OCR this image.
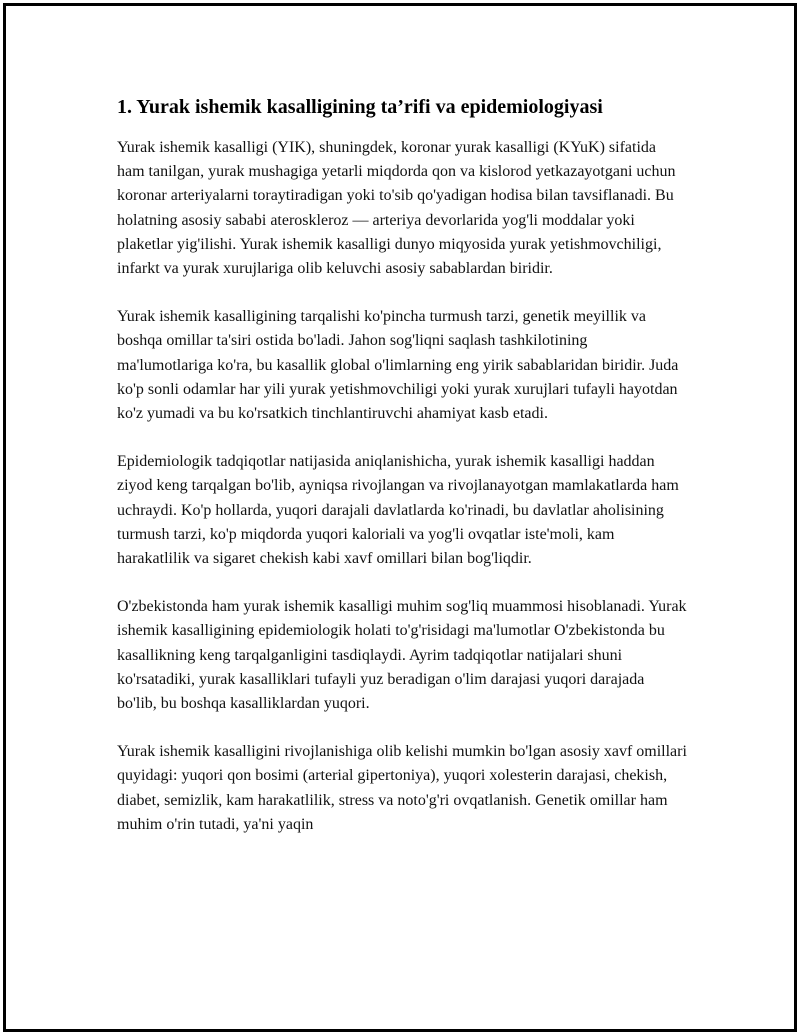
1. Yurak ishemik kasalligining ta’rifi va epidemiologiyasi

Yurak ishemik kasalligi (YIK), shuningdek, koronar yurak kasalligi (KYuK) sifatida ham tanilgan, yurak mushagiga yetarli miqdorda qon va kislorod yetkazayotgani uchun koronar arteriyalarni toraytiradigan yoki to'sib qo'yadigan hodisa bilan tavsiflanadi. Bu holatning asosiy sababi ateroskleroz — arteriya devorlarida yog'li moddalar yoki plaketlar yig'ilishi. Yurak ishemik kasalligi dunyo miqyosida yurak yetishmovchiligi, infarkt va yurak xurujlariga olib keluvchi asosiy sabablardan biridir.

Yurak ishemik kasalligining tarqalishi ko'pincha turmush tarzi, genetik meyillik va boshqa omillar ta'siri ostida bo'ladi. Jahon sog'liqni saqlash tashkilotining ma'lumotlariga ko'ra, bu kasallik global o'limlarning eng yirik sabablaridan biridir. Juda ko'p sonli odamlar har yili yurak yetishmovchiligi yoki yurak xurujlari tufayli hayotdan ko'z yumadi va bu ko'rsatkich tinchlantiruvchi ahamiyat kasb etadi.

Epidemiologik tadqiqotlar natijasida aniqlanishicha, yurak ishemik kasalligi haddan ziyod keng tarqalgan bo'lib, ayniqsa rivojlangan va rivojlanayotgan mamlakatlarda ham uchraydi. Ko'p hollarda, yuqori darajali davlatlarda ko'rinadi, bu davlatlar aholisining turmush tarzi, ko'p miqdorda yuqori kaloriali va yog'li ovqatlar iste'moli, kam harakatlilik va sigaret chekish kabi xavf omillari bilan bog'liqdir.

O'zbekistonda ham yurak ishemik kasalligi muhim sog'liq muammosi hisoblanadi. Yurak ishemik kasalligining epidemiologik holati to'g'risidagi ma'lumotlar O'zbekistonda bu kasallikning keng tarqalganligini tasdiqlaydi. Ayrim tadqiqotlar natijalari shuni ko'rsatadiki, yurak kasalliklari tufayli yuz beradigan o'lim darajasi yuqori darajada bo'lib, bu boshqa kasalliklardan yuqori.

Yurak ishemik kasalligini rivojlanishiga olib kelishi mumkin bo'lgan asosiy xavf omillari quyidagi: yuqori qon bosimi (arterial gipertoniya), yuqori xolesterin darajasi, chekish, diabet, semizlik, kam harakatlilik, stress va noto'g'ri ovqatlanish. Genetik omillar ham muhim o'rin tutadi, ya'ni yaqin
